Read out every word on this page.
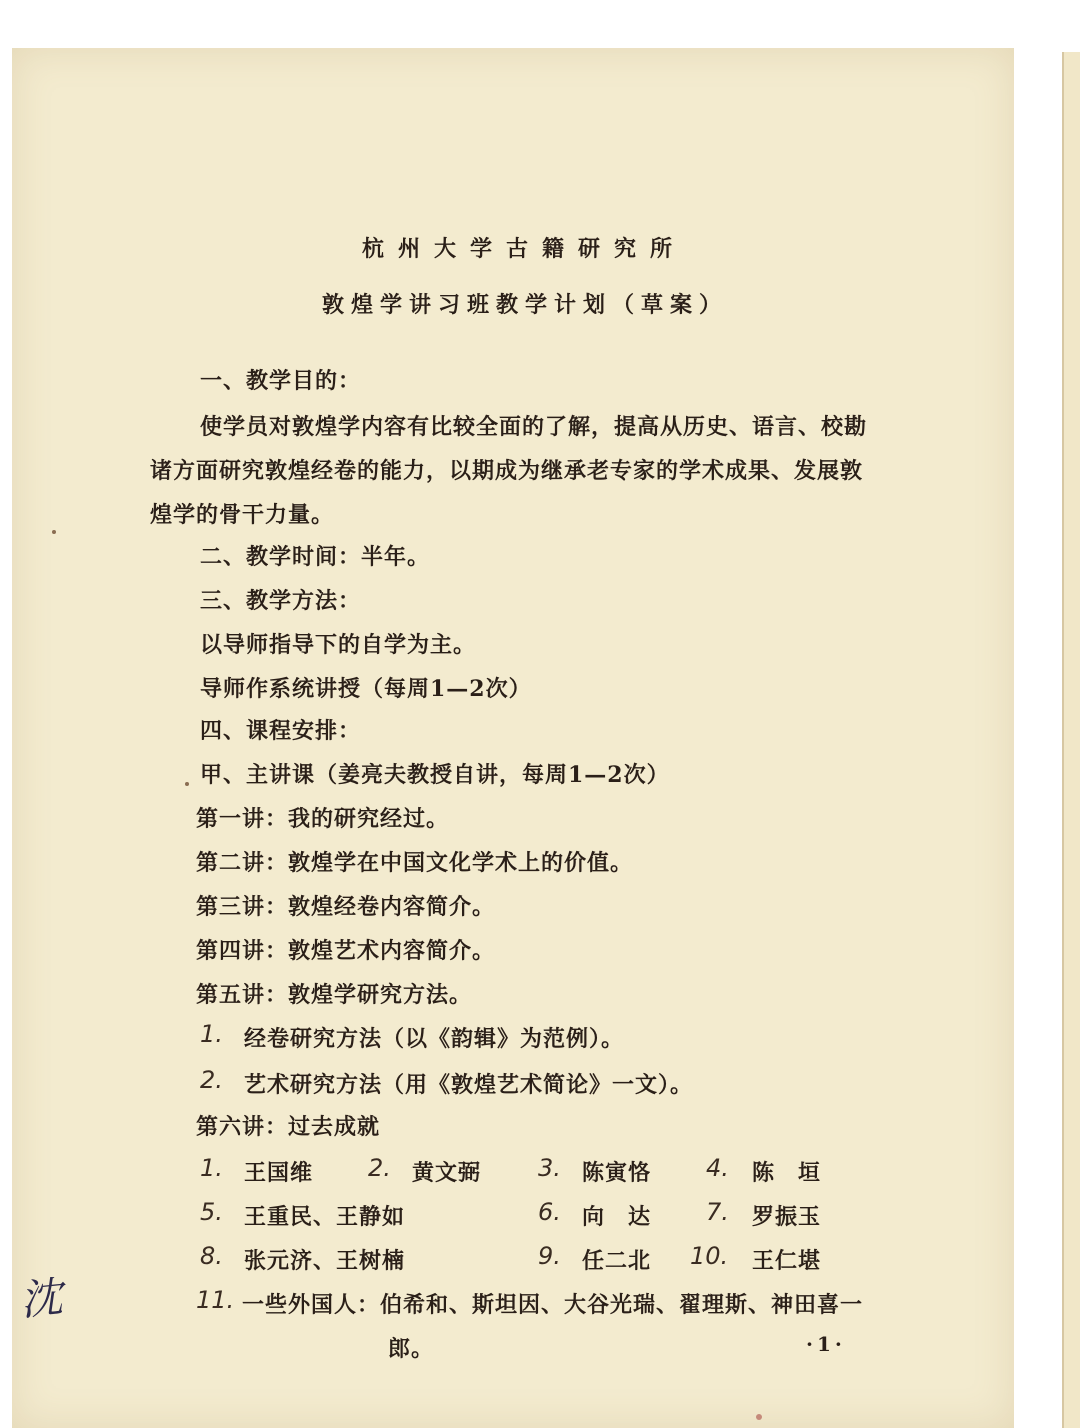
杭州大学古籍研究所
敦煌学讲习班教学计划（草案）
一、教学目的：
使学员对敦煌学内容有比较全面的了解，提高从历史、语言、校勘
诸方面研究敦煌经卷的能力，以期成为继承老专家的学术成果、发展敦
煌学的骨干力量。
二、教学时间：半年。
三、教学方法：
以导师指导下的自学为主。
导师作系统讲授（每周1—2次）
四、课程安排：
甲、主讲课（姜亮夫教授自讲，每周1—2次）
第一讲：我的研究经过。
第二讲：敦煌学在中国文化学术上的价值。
第三讲：敦煌经卷内容简介。
第四讲：敦煌艺术内容简介。
第五讲：敦煌学研究方法。
1. 经卷研究方法（以《韵辑》为范例）。
2. 艺术研究方法（用《敦煌艺术简论》一文）。
第六讲：过去成就
1. 王国维 2. 黄文弼 3. 陈寅恪 4. 陈　垣
5. 王重民、王静如	6. 向　达 7. 罗振玉
8. 张元济、王树楠	9. 任二北 10. 王仁堪
沈	11. 一些外国人：伯希和、斯坦因、大谷光瑞、翟理斯、神田喜一
郎。	·1·
